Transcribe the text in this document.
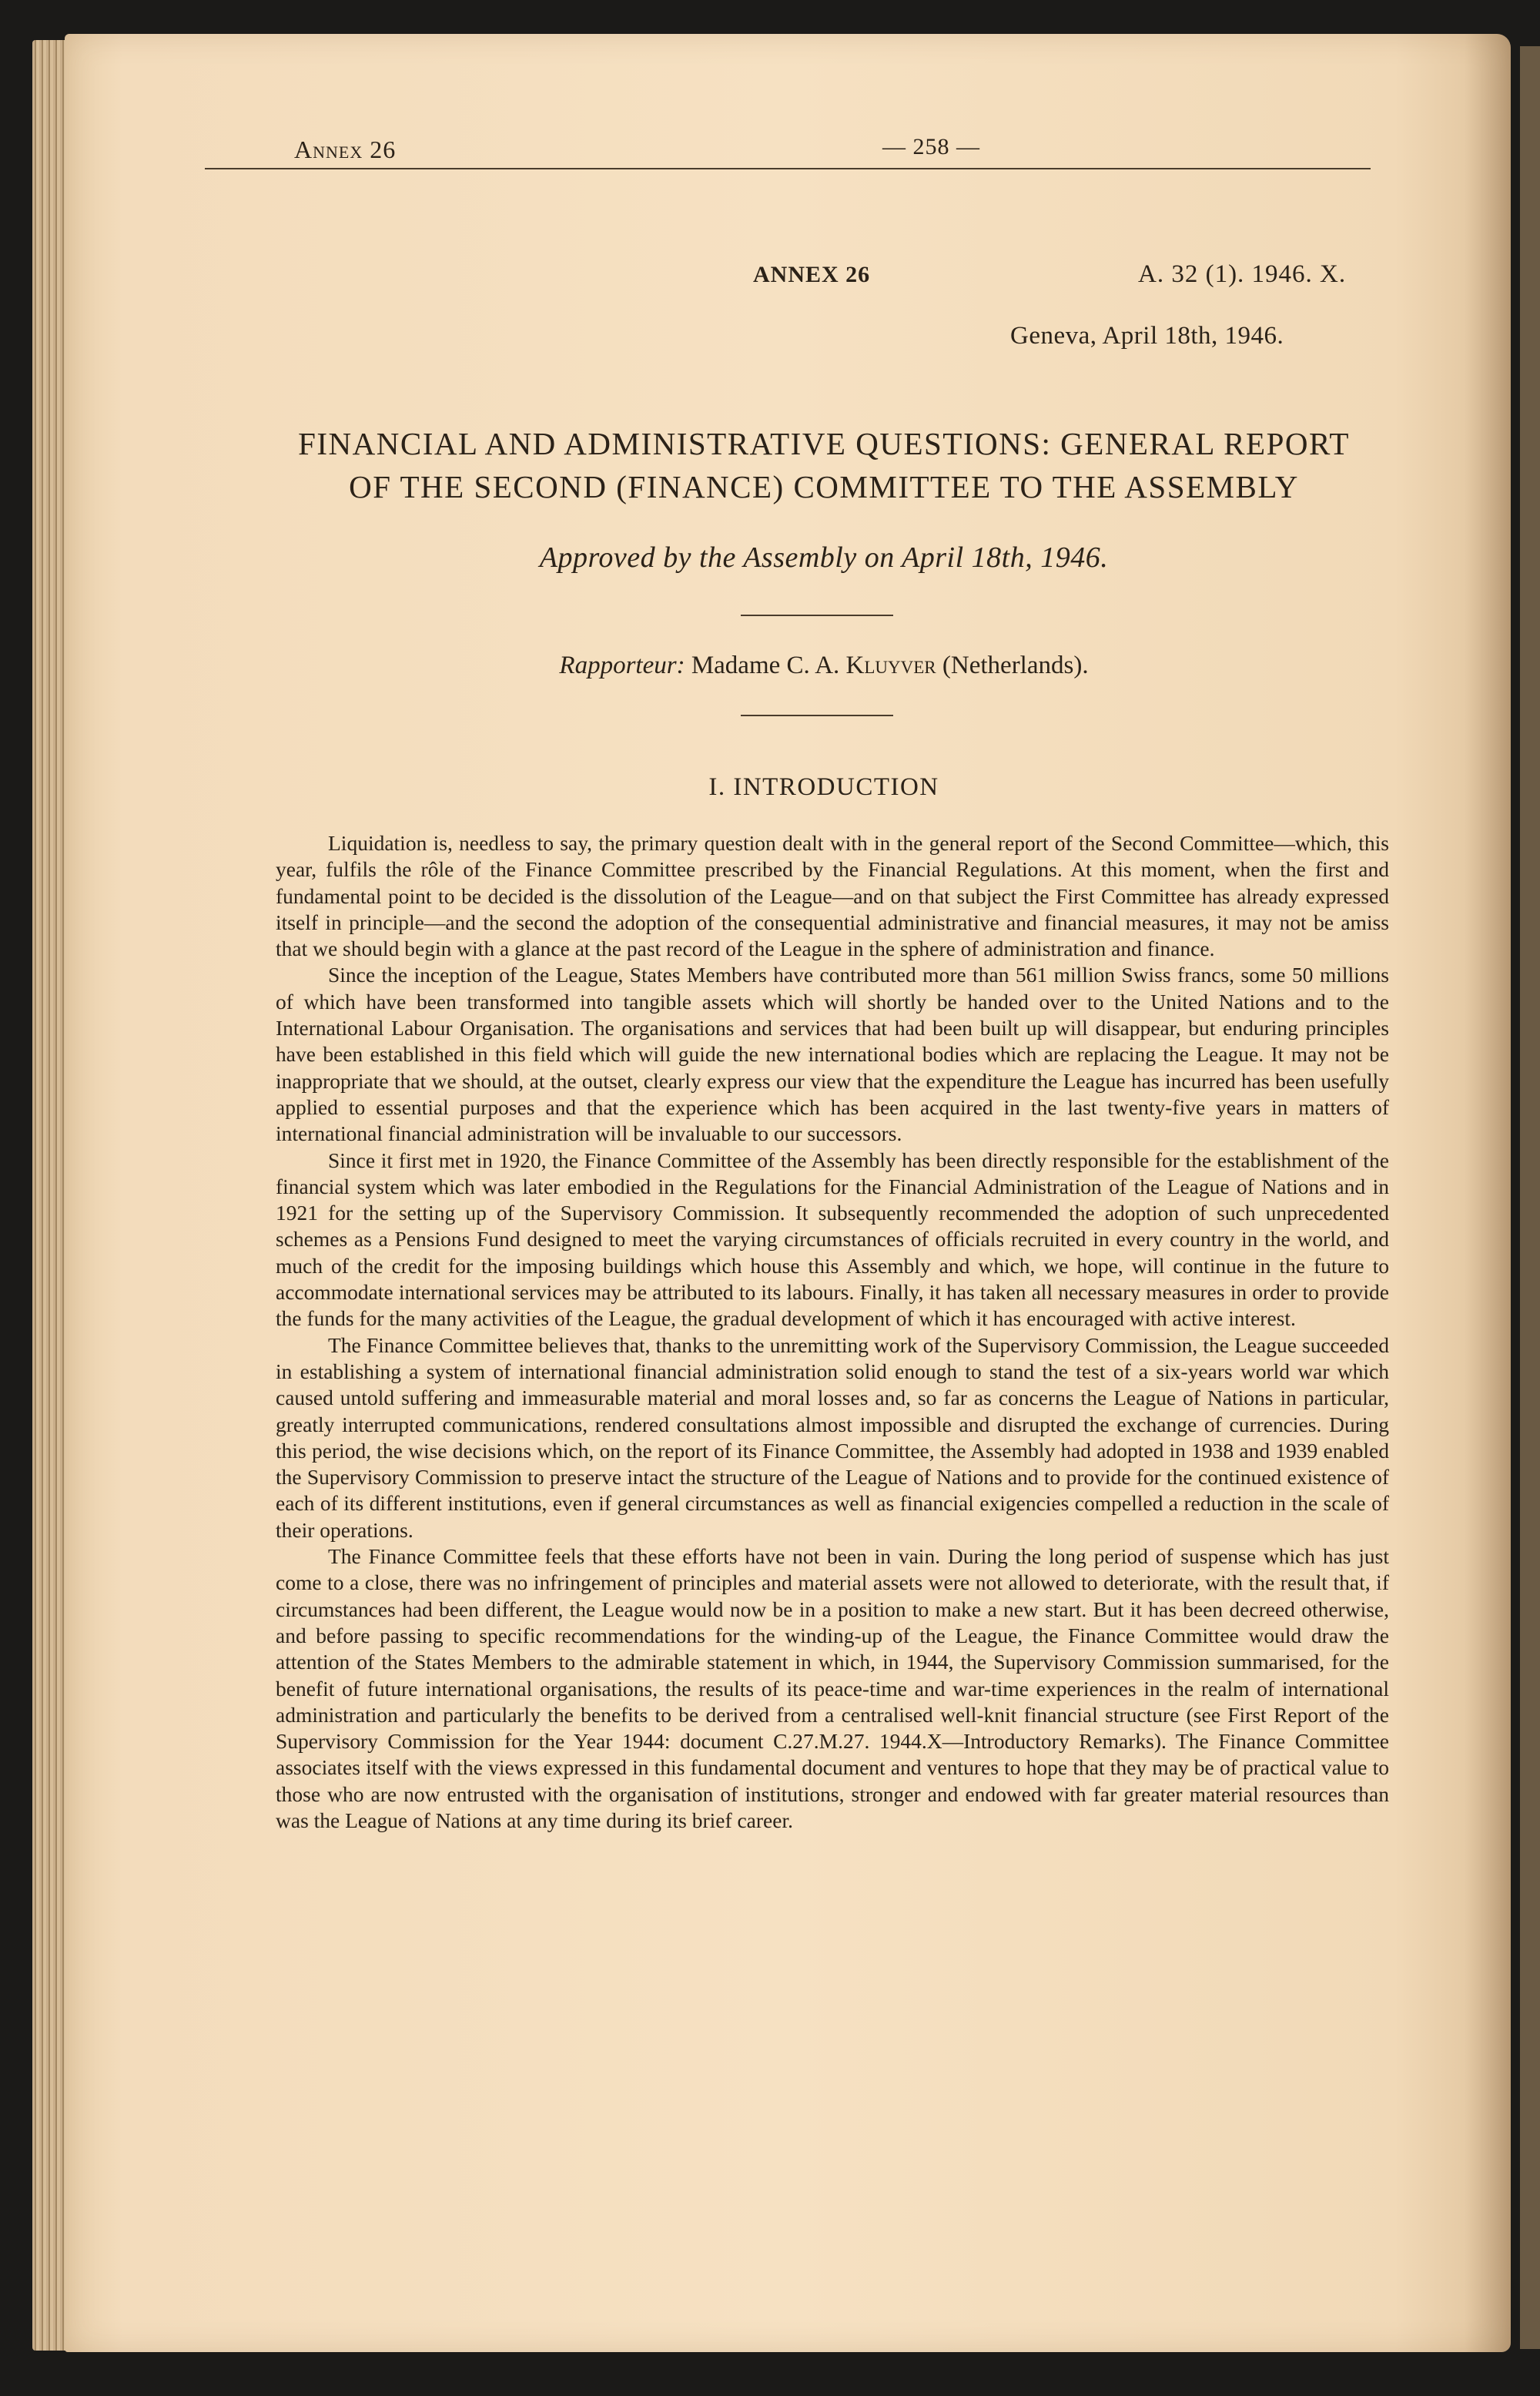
Annex 26	— 258 —
ANNEX 26	A. 32 (1). 1946. X.
Geneva, April 18th, 1946.
FINANCIAL AND ADMINISTRATIVE QUESTIONS: GENERAL REPORT
OF THE SECOND (FINANCE) COMMITTEE TO THE ASSEMBLY
Approved by the Assembly on April 18th, 1946.
Rapporteur: Madame C. A. Kluyver (Netherlands).
I. INTRODUCTION

Liquidation is, needless to say, the primary question dealt with in the general report of the Second Committee—which, this year, fulfils the rôle of the Finance Committee prescribed by the Financial Regulations. At this moment, when the first and fundamental point to be decided is the dissolution of the League—and on that subject the First Committee has already expressed itself in principle—and the second the adoption of the consequential administrative and financial measures, it may not be amiss that we should begin with a glance at the past record of the League in the sphere of administration and finance.

Since the inception of the League, States Members have contributed more than 561 million Swiss francs, some 50 millions of which have been transformed into tangible assets which will shortly be handed over to the United Nations and to the International Labour Organisation. The organisations and services that had been built up will disappear, but enduring principles have been established in this field which will guide the new international bodies which are replacing the League. It may not be inappropriate that we should, at the outset, clearly express our view that the expenditure the League has incurred has been usefully applied to essential purposes and that the experience which has been acquired in the last twenty-five years in matters of international financial administration will be invaluable to our successors.

Since it first met in 1920, the Finance Committee of the Assembly has been directly responsible for the establishment of the financial system which was later embodied in the Regulations for the Financial Administration of the League of Nations and in 1921 for the setting up of the Supervisory Commission. It subsequently recommended the adoption of such unprecedented schemes as a Pensions Fund designed to meet the varying circumstances of officials recruited in every country in the world, and much of the credit for the imposing buildings which house this Assembly and which, we hope, will continue in the future to accommodate international services may be attributed to its labours. Finally, it has taken all necessary measures in order to provide the funds for the many activities of the League, the gradual development of which it has encouraged with active interest.

The Finance Committee believes that, thanks to the unremitting work of the Supervisory Commission, the League succeeded in establishing a system of international financial administration solid enough to stand the test of a six-years world war which caused untold suffering and immeasurable material and moral losses and, so far as concerns the League of Nations in particular, greatly interrupted communications, rendered consultations almost impossible and disrupted the exchange of currencies. During this period, the wise decisions which, on the report of its Finance Committee, the Assembly had adopted in 1938 and 1939 enabled the Supervisory Commission to preserve intact the structure of the League of Nations and to provide for the continued existence of each of its different institutions, even if general circumstances as well as financial exigencies compelled a reduction in the scale of their operations.

The Finance Committee feels that these efforts have not been in vain. During the long period of suspense which has just come to a close, there was no infringement of principles and material assets were not allowed to deteriorate, with the result that, if circumstances had been different, the League would now be in a position to make a new start. But it has been decreed otherwise, and before passing to specific recommendations for the winding-up of the League, the Finance Committee would draw the attention of the States Members to the admirable statement in which, in 1944, the Supervisory Commission summarised, for the benefit of future international organisations, the results of its peace-time and war-time experiences in the realm of international administration and particularly the benefits to be derived from a centralised well-knit financial structure (see First Report of the Supervisory Commission for the Year 1944: document C.27.M.27. 1944.X—Introductory Remarks). The Finance Committee associates itself with the views expressed in this fundamental document and ventures to hope that they may be of practical value to those who are now entrusted with the organisation of institutions, stronger and endowed with far greater material resources than was the League of Nations at any time during its brief career.
